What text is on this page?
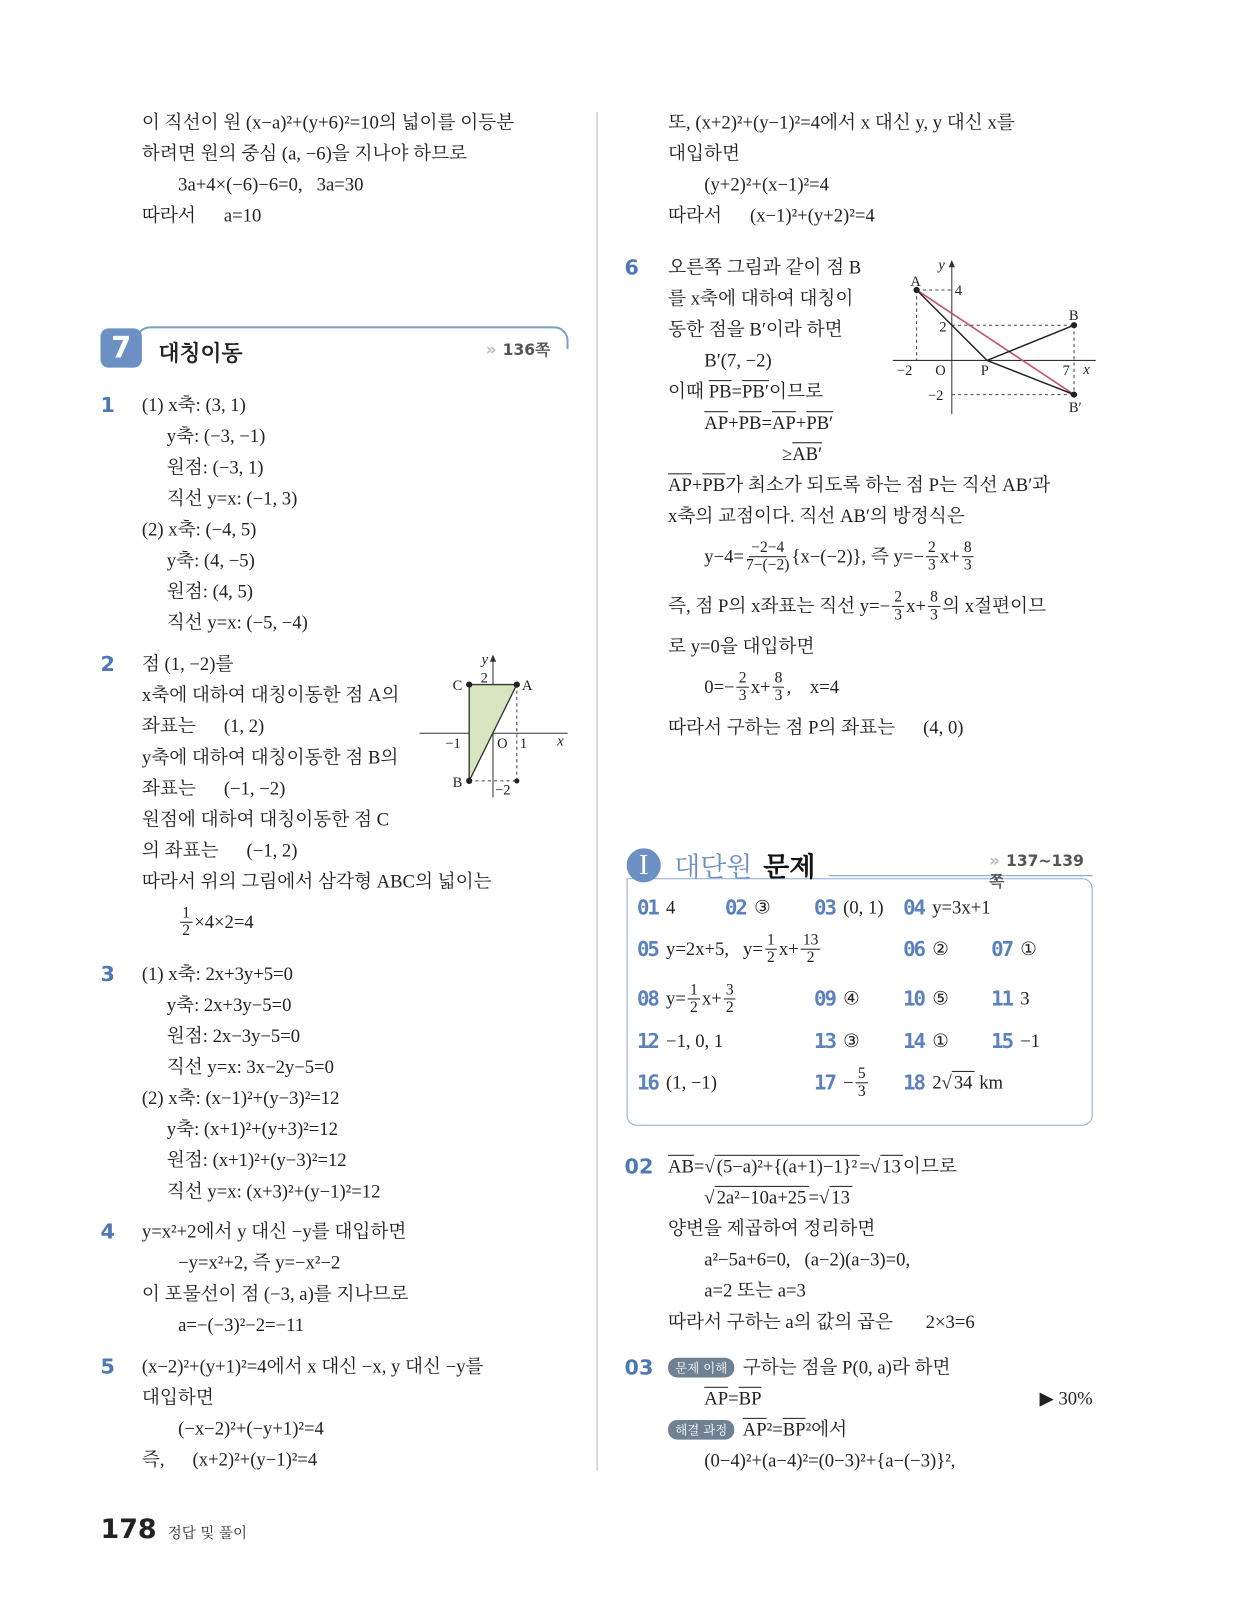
이 직선이 원 (x−a)²+(y+6)²=10의 넓이를 이등분
하려면 원의 중심 (a, −6)을 지나야 하므로
3a+4×(−6)−6=0,   3a=30
따라서      a=10
7	대칭이동	» 136쪽
1 (1) x축: (3, 1)
y축: (−3, −1)
원점: (−3, 1)
직선 y=x: (−1, 3)
(2) x축: (−4, 5)
y축: (4, −5)
원점: (4, 5)
직선 y=x: (−5, −4)
2 점 (1, −2)를
x축에 대하여 대칭이동한 점 A의
좌표는      (1, 2)
y축에 대하여 대칭이동한 점 B의
좌표는      (−1, −2)
원점에 대하여 대칭이동한 점 C
의 좌표는      (−1, 2)
따라서 위의 그림에서 삼각형 ABC의 넓이는
$\frac{1}{2} \times 4\times 2=4$
y
x
C	A
B
2
−2
−1	O 1
3 (1) x축: 2x+3y+5=0
y축: 2x+3y−5=0
원점: 2x−3y−5=0
직선 y=x: 3x−2y−5=0
(2) x축: (x−1)²+(y−3)²=12
y축: (x+1)²+(y+3)²=12
원점: (x+1)²+(y−3)²=12
직선 y=x: (x+3)²+(y−1)²=12
4 y=x²+2에서 y 대신 −y를 대입하면
−y=x²+2, 즉 y=−x²−2
이 포물선이 점 (−3, a)를 지나므로
a=−(−3)²−2=−11
5 (x−2)²+(y+1)²=4에서 x 대신 −x, y 대신 −y를
대입하면
(−x−2)²+(−y+1)²=4
즉,      (x+2)²+(y−1)²=4
또, (x+2)²+(y−1)²=4에서 x 대신 y, y 대신 x를
대입하면
(y+2)²+(x−1)²=4
따라서      (x−1)²+(y+2)²=4
6 오른쪽 그림과 같이 점 B
를 x축에 대하여 대칭이
동한 점을 B′이라 하면
B′(7, −2)
이때 $\overline{PB} = PB'$ 이므로
$\overline{AP} + \overline{PB} = \overline{AP} + PB'$
≥ AB′
$\overline{AP} + \overline{PB}$ 가 최소가 되도록 하는 점 P는 직선 AB′과
x축의 교점이다. 직선 AB′의 방정식은
$y-4= \frac{-2-4}{7-(-2)} \{x-(-2)\}$, 즉 $y=- \frac{2}{3} x+ \frac{8}{3}$
즉, 점 P의 x좌표는 직선 $y=- \frac{2}{3} x+ \frac{8}{3}$ 의 x절편이므
로 y=0을 대입하면
$0=- \frac{2}{3} x+ \frac{8}{3}$ ,    x=4
따라서 구하는 점 P의 좌표는      (4, 0)
y
x
A
B
B′
P
O
4
2
−2
−2
7
I 대단원 문제	» 137~139쪽
01 4 02 ③ 03 (0, 1) 04 y=3x+1
05 y=2x+5,   $y= \frac{1}{2} x+ \frac{13}{2}$	06 ② 07 ①
08 $y= \frac{1}{2} x+ \frac{3}{2}$	09 ④ 10 ⑤ 11 3
12 −1, 0, 1	13 ③ 14 ① 15 −1
16 (1, −1)	$17 - \frac{5}{3} 18$ 2 √ 34 km
02 $\overline{AB}$ = √ (5−a)²+{(a+1)−1}² = √ 13 이므로
√ 2a²−10a+25 = √ 13
양변을 제곱하여 정리하면
a²−5a+6=0,   (a−2)(a−3)=0,
a=2 또는 a=3
따라서 구하는 a의 값의 곱은       2×3=6
03	문제 이해 구하는 점을 P(0, a)라 하면
$\overline{AP} = \overline{BP}$	▶ 30%
해결 과정 $\overline{AP}$ $^2= \overline{BP}$ ²에서
(0−4)²+(a−4)²=(0−3)²+{a−(−3)}²,
178 정답 및 풀이
